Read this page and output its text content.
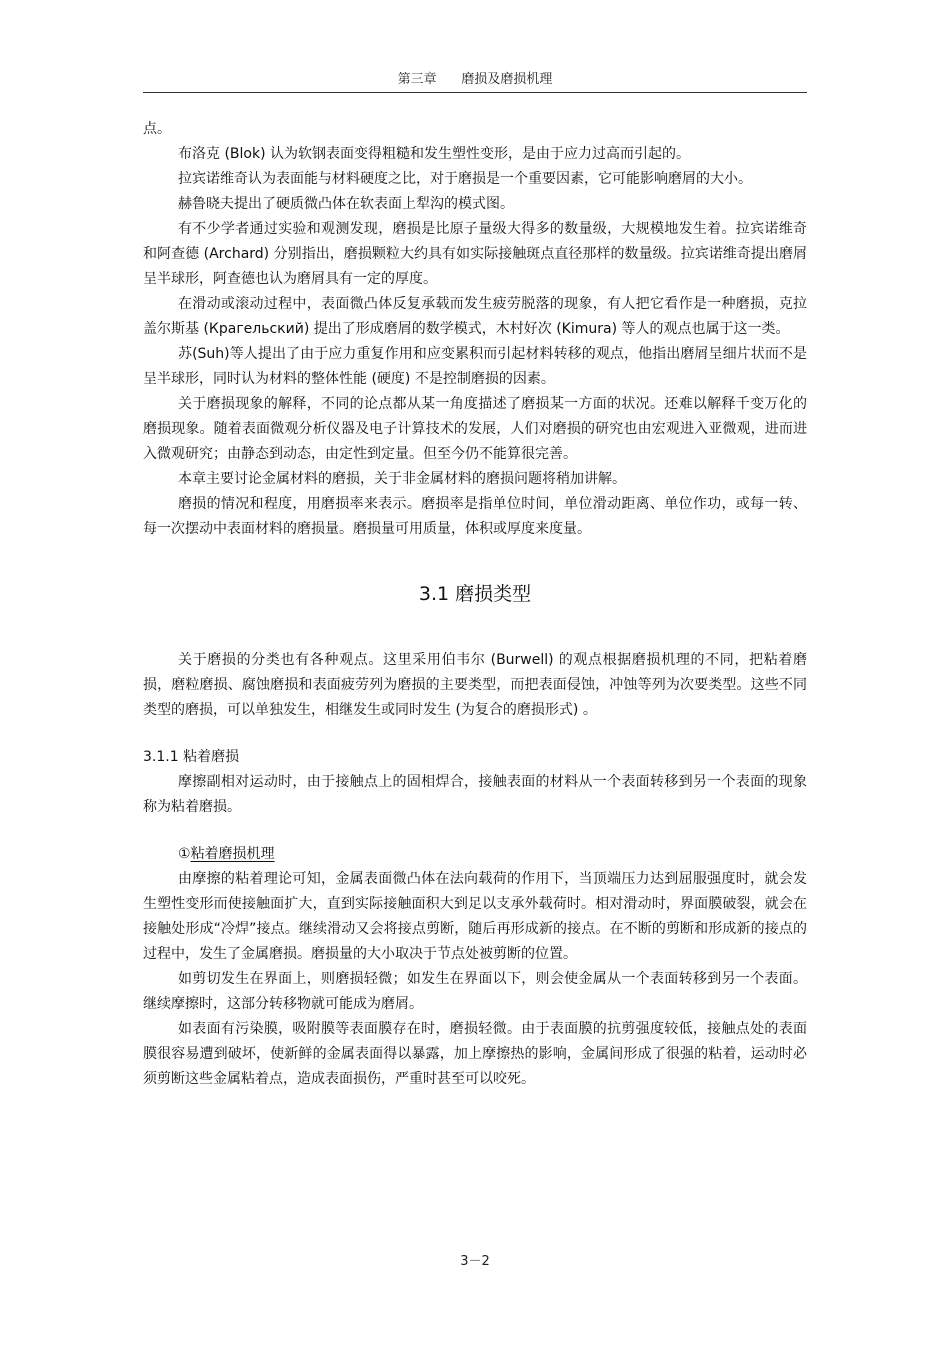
第三章 磨损及磨损机理

点。

布洛克 (Blok) 认为软钢表面变得粗糙和发生塑性变形，是由于应力过高而引起的。

拉宾诺维奇认为表面能与材料硬度之比，对于磨损是一个重要因素，它可能影响磨屑的大小。

赫鲁晓夫提出了硬质微凸体在软表面上犁沟的模式图。

有不少学者通过实验和观测发现，磨损是比原子量级大得多的数量级，大规模地发生着。拉宾诺维奇和阿查德 (Archard) 分别指出，磨损颗粒大约具有如实际接触斑点直径那样的数量级。拉宾诺维奇提出磨屑呈半球形，阿查德也认为磨屑具有一定的厚度。

在滑动或滚动过程中，表面微凸体反复承载而发生疲劳脱落的现象，有人把它看作是一种磨损，克拉盖尔斯基 (Крагельский) 提出了形成磨屑的数学模式，木村好次 (Kimura) 等人的观点也属于这一类。

苏(Suh)等人提出了由于应力重复作用和应变累积而引起材料转移的观点，他指出磨屑呈细片状而不是呈半球形，同时认为材料的整体性能 (硬度) 不是控制磨损的因素。

关于磨损现象的解释，不同的论点都从某一角度描述了磨损某一方面的状况。还难以解释千变万化的磨损现象。随着表面微观分析仪器及电子计算技术的发展，人们对磨损的研究也由宏观进入亚微观，进而进入微观研究；由静态到动态，由定性到定量。但至今仍不能算很完善。

本章主要讨论金属材料的磨损，关于非金属材料的磨损问题将稍加讲解。

磨损的情况和程度，用磨损率来表示。磨损率是指单位时间，单位滑动距离、单位作功，或每一转、每一次摆动中表面材料的磨损量。磨损量可用质量，体积或厚度来度量。

3.1 磨损类型

关于磨损的分类也有各种观点。这里采用伯韦尔 (Burwell) 的观点根据磨损机理的不同，把粘着磨损，磨粒磨损、腐蚀磨损和表面疲劳列为磨损的主要类型，而把表面侵蚀，冲蚀等列为次要类型。这些不同类型的磨损，可以单独发生，相继发生或同时发生 (为复合的磨损形式) 。

3.1.1 粘着磨损

摩擦副相对运动时，由于接触点上的固相焊合，接触表面的材料从一个表面转移到另一个表面的现象称为粘着磨损。

①粘着磨损机理

由摩擦的粘着理论可知，金属表面微凸体在法向载荷的作用下，当顶端压力达到屈服强度时，就会发生塑性变形而使接触面扩大，直到实际接触面积大到足以支承外载荷时。相对滑动时，界面膜破裂，就会在接触处形成“冷焊”接点。继续滑动又会将接点剪断，随后再形成新的接点。在不断的剪断和形成新的接点的过程中，发生了金属磨损。磨损量的大小取决于节点处被剪断的位置。

如剪切发生在界面上，则磨损轻微；如发生在界面以下，则会使金属从一个表面转移到另一个表面。继续摩擦时，这部分转移物就可能成为磨屑。

如表面有污染膜，吸附膜等表面膜存在时，磨损轻微。由于表面膜的抗剪强度较低，接触点处的表面膜很容易遭到破坏，使新鲜的金属表面得以暴露，加上摩擦热的影响，金属间形成了很强的粘着，运动时必须剪断这些金属粘着点，造成表面损伤，严重时甚至可以咬死。

3－2
